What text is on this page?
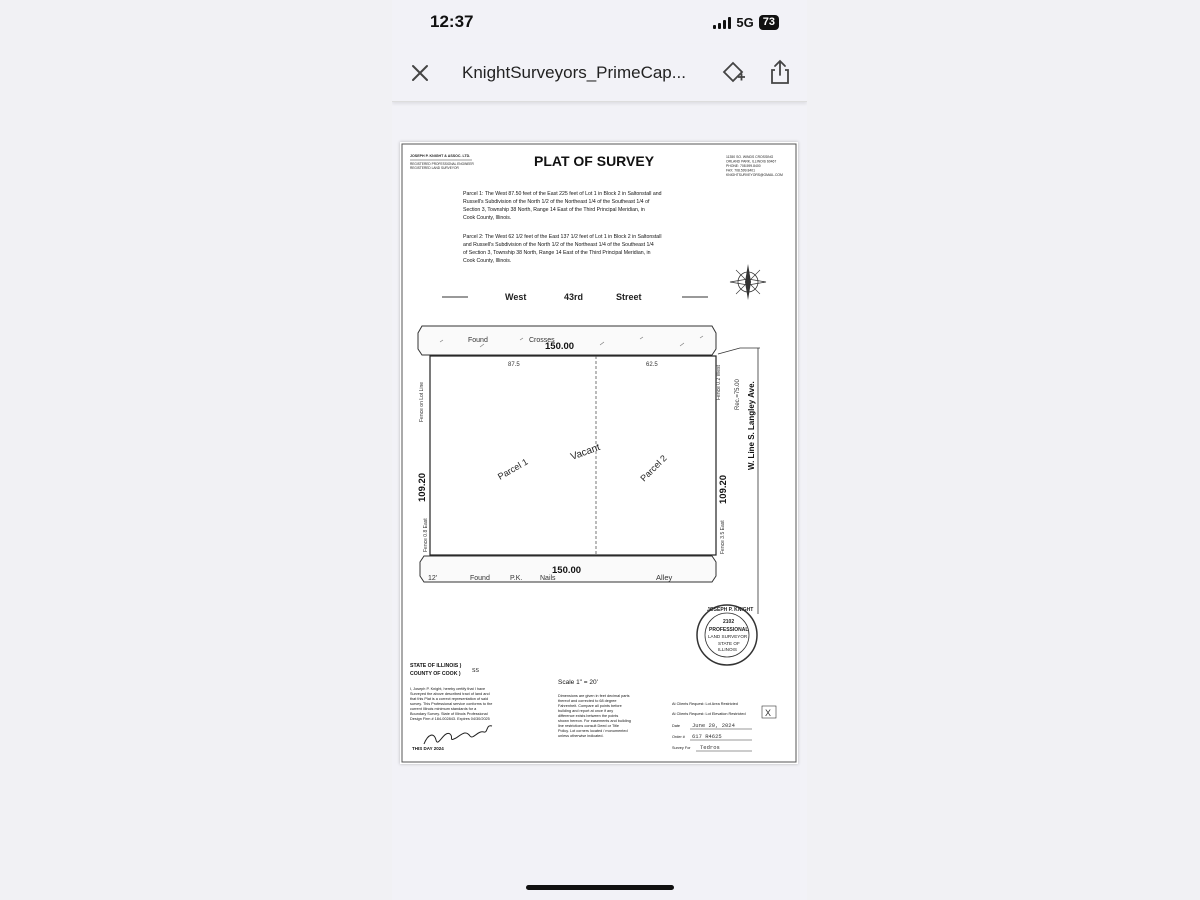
12:37	5G 73
KnightSurveyors_PrimeCap...
JOSEPH P. KNIGHT & ASSOC. LTD.
REGISTERED PROFESSIONAL ENGINEER
REGISTERED LAND SURVEYOR	PLAT OF SURVEY	11350 SO. WINDS CROSSING
ORLAND PARK, ILLINOIS 60467
PHONE: 708.599.8400
FAX: 708.599.8401
KNIGHTSURVEYORS@GMAIL.COM
Parcel 1: The West 87.50 feet of the East 225 feet of Lot 1 in Block 2 in Saltonstall and
Russell's Subdivision of the North 1/2 of the Northeast 1/4 of the Southeast 1/4 of
Section 3, Township 38 North, Range 14 East of the Third Principal Meridian, in
Cook County, Illinois.
Parcel 2: The West 62 1/2 feet of the East 137 1/2 feet of Lot 1 in Block 2 in Saltonstall
and Russell's Subdivision of the North 1/2 of the Northeast 1/4 of the Southeast 1/4
of Section 3, Township 38 North, Range 14 East of the Third Principal Meridian, in
Cook County, Illinois.
West	43rd	Street
Found	Crosses
150.00
87.5	62.5
Fence on Lot Line
Fence 0.8 East
109.20
Fence 0.2 West Rec.=75.00
Fence 3.5 East
109.20
W. Line S. Langley Ave.
Parcel 1
Vacant
Parcel 2
150.00
12'	Found	P.K.	Nails	Alley
JOSEPH P. KNIGHT
2102
PROFESSIONAL
LAND SURVEYOR
STATE OF
ILLINOIS
STATE OF ILLINOIS )
COUNTY OF COOK ) SS
Scale 1" = 20'
I, Joseph P. Knight, hereby certify that I have
Surveyed the above described tract of land and
that this Plat is a correct representation of said
survey. This Professional service conforms to the
current Illinois minimum standards for a
Boundary Survey. State of Illinois Professional
Design Firm # 184-002843. Expires 04/30/2025
THIS DAY 2024
Dimensions are given in feet decimal parts
thereof and corrected to 68 degree
Fahrenheit. Compare all points before
building and report at once if any
difference exists between the points
shown hereon. For easements and building
line restrictions consult Deed or Title
Policy. Lot corners located / monumented
unless otherwise indicated.
At Clients Request: Lot Area Restricted
At Clients Request: Lot Elevation Restricted X
Date June 20, 2024
Order # 617 R4625
Survey For Tedros
